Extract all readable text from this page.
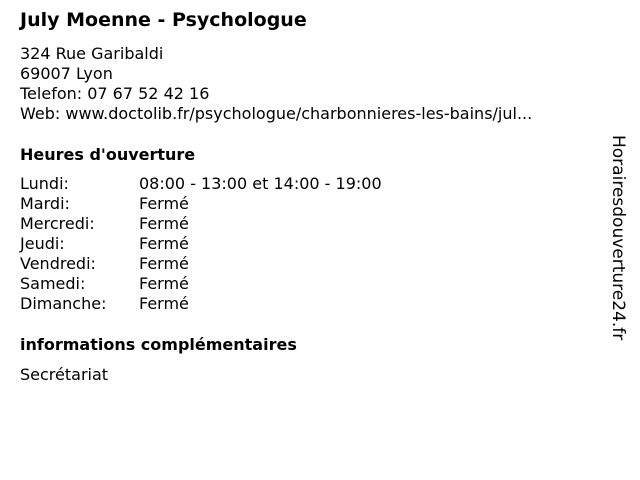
July Moenne - Psychologue
324 Rue Garibaldi
69007 Lyon
Telefon: 07 67 52 42 16
Web: www.doctolib.fr/psychologue/charbonnieres-les-bains/jul...
Heures d'ouverture
Lundi:	08:00 - 13:00 et 14:00 - 19:00
Mardi:	Fermé
Mercredi:	Fermé
Jeudi:	Fermé
Vendredi:	Fermé
Samedi:	Fermé
Dimanche:	Fermé
informations complémentaires
Secrétariat
Horairesdouverture24.fr
